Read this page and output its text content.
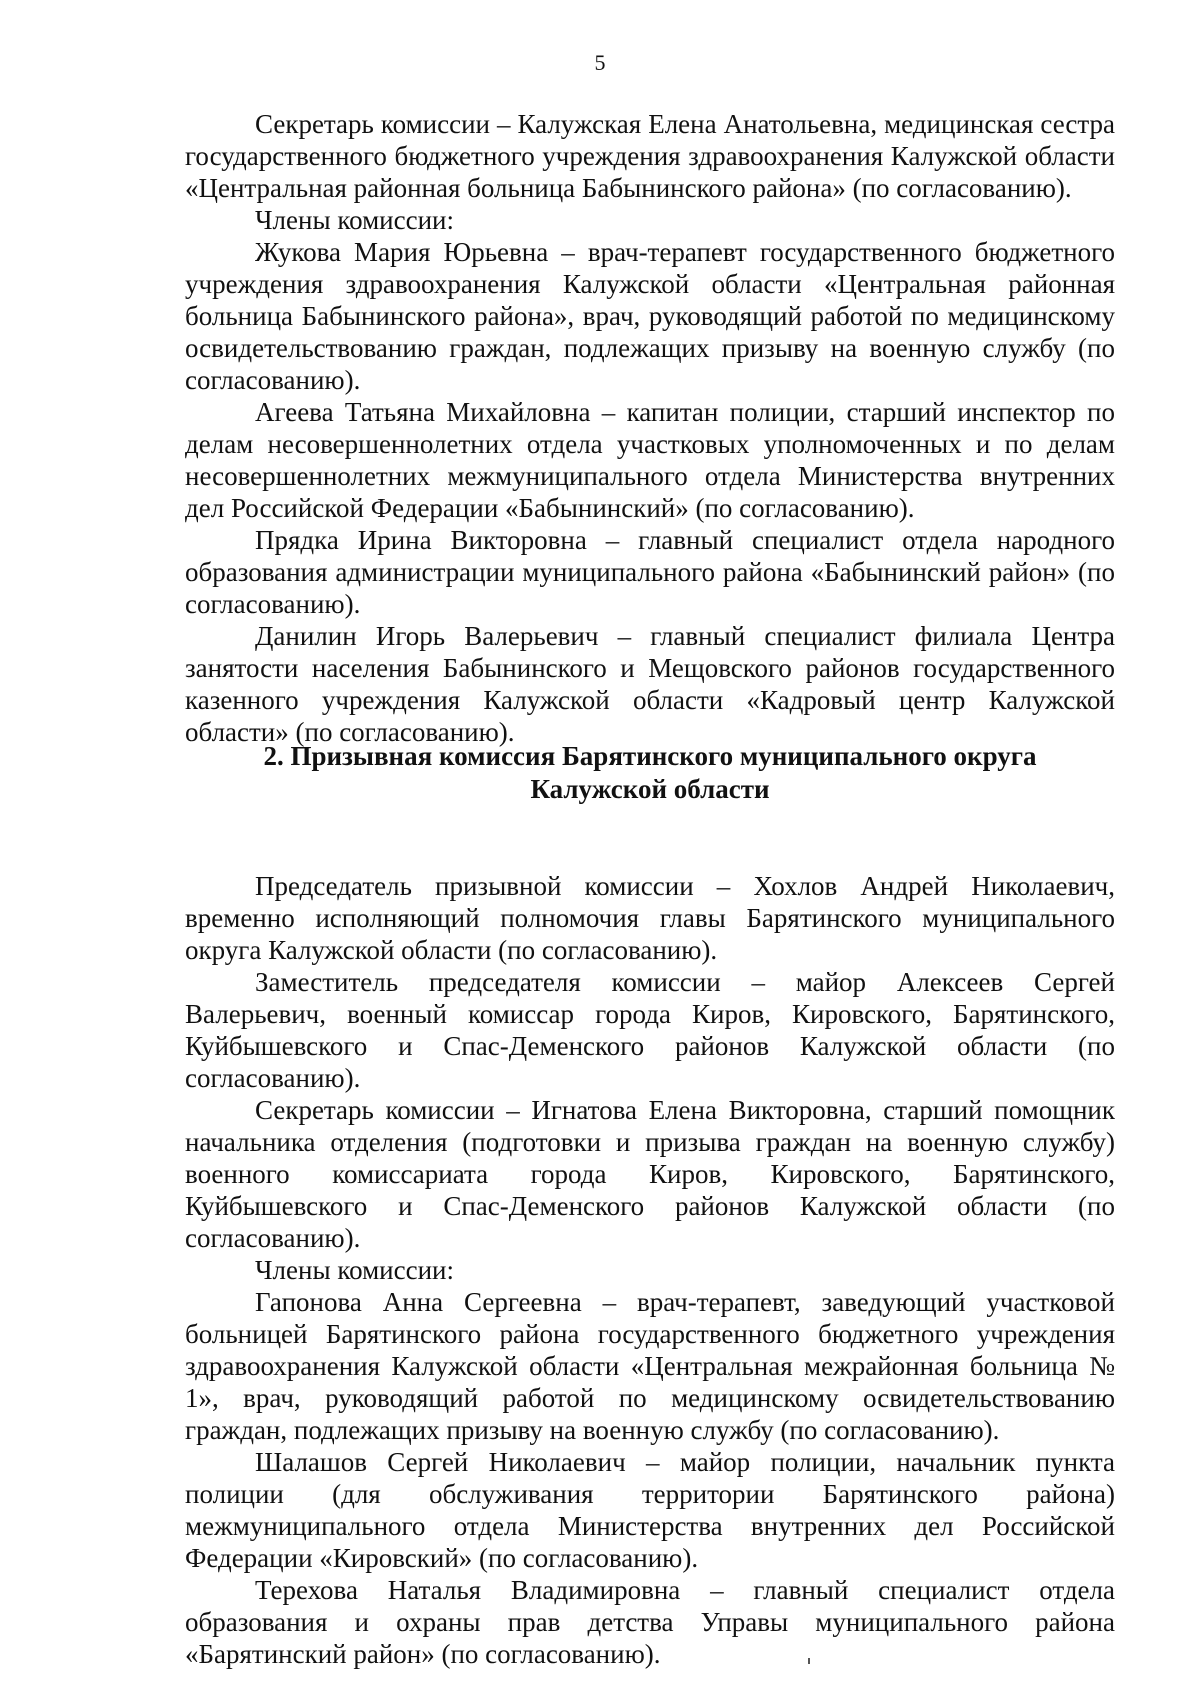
5

Секретарь комиссии – Калужская Елена Анатольевна, медицинская сестра государственного бюджетного учреждения здравоохранения Калужской области «Центральная районная больница Бабынинского района» (по согласованию).

Члены комиссии:

Жукова Мария Юрьевна – врач-терапевт государственного бюджетного учреждения здравоохранения Калужской области «Центральная районная больница Бабынинского района», врач, руководящий работой по медицинскому освидетельствованию граждан, подлежащих призыву на военную службу (по согласованию).

Агеева Татьяна Михайловна – капитан полиции, старший инспектор по делам несовершеннолетних отдела участковых уполномоченных и по делам несовершеннолетних межмуниципального отдела Министерства внутренних дел Российской Федерации «Бабынинский» (по согласованию).

Прядка Ирина Викторовна – главный специалист отдела народного образования администрации муниципального района «Бабынинский район» (по согласованию).

Данилин Игорь Валерьевич – главный специалист филиала Центра занятости населения Бабынинского и Мещовского районов государственного казенного учреждения Калужской области «Кадровый центр Калужской области» (по согласованию).

2. Призывная комиссия Барятинского муниципального округа
Калужской области

Председатель призывной комиссии – Хохлов Андрей Николаевич, временно исполняющий полномочия главы Барятинского муниципального округа Калужской области (по согласованию).

Заместитель председателя комиссии – майор Алексеев Сергей Валерьевич, военный комиссар города Киров, Кировского, Барятинского, Куйбышевского и Спас-Деменского районов Калужской области (по согласованию).

Секретарь комиссии – Игнатова Елена Викторовна, старший помощник начальника отделения (подготовки и призыва граждан на военную службу) военного комиссариата города Киров, Кировского, Барятинского, Куйбышевского и Спас-Деменского районов Калужской области (по согласованию).

Члены комиссии:

Гапонова Анна Сергеевна – врач-терапевт, заведующий участковой больницей Барятинского района государственного бюджетного учреждения здравоохранения Калужской области «Центральная межрайонная больница № 1», врач, руководящий работой по медицинскому освидетельствованию граждан, подлежащих призыву на военную службу (по согласованию).

Шалашов Сергей Николаевич – майор полиции, начальник пункта полиции (для обслуживания территории Барятинского района) межмуниципального отдела Министерства внутренних дел Российской Федерации «Кировский» (по согласованию).

Терехова Наталья Владимировна – главный специалист отдела образования и охраны прав детства Управы муниципального района «Барятинский район» (по согласованию).
